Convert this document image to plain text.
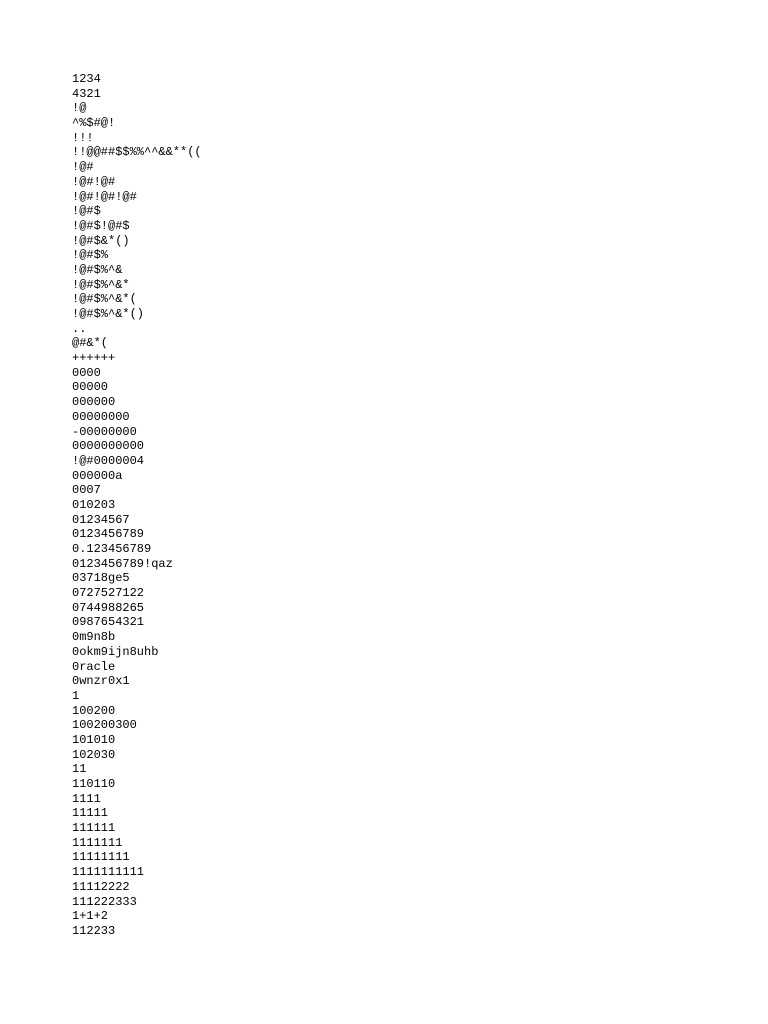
1234
4321
!@
^%$#@!
!!!
!!@@##$$%%^^&&**((
!@#
!@#!@#
!@#!@#!@#
!@#$
!@#$!@#$
!@#$&*()
!@#$%
!@#$%^&
!@#$%^&*
!@#$%^&*(
!@#$%^&*()
..
@#&*(
++++++
0000
00000
000000
00000000
-00000000
0000000000
!@#0000004
000000a
0007
010203
01234567
0123456789
0.123456789
0123456789!qaz
03718ge5
0727527122
0744988265
0987654321
0m9n8b
0okm9ijn8uhb
0racle
0wnzr0x1
1
100200
100200300
101010
102030
11
110110
1111
11111
111111
1111111
11111111
1111111111
11112222
111222333
1+1+2
112233
